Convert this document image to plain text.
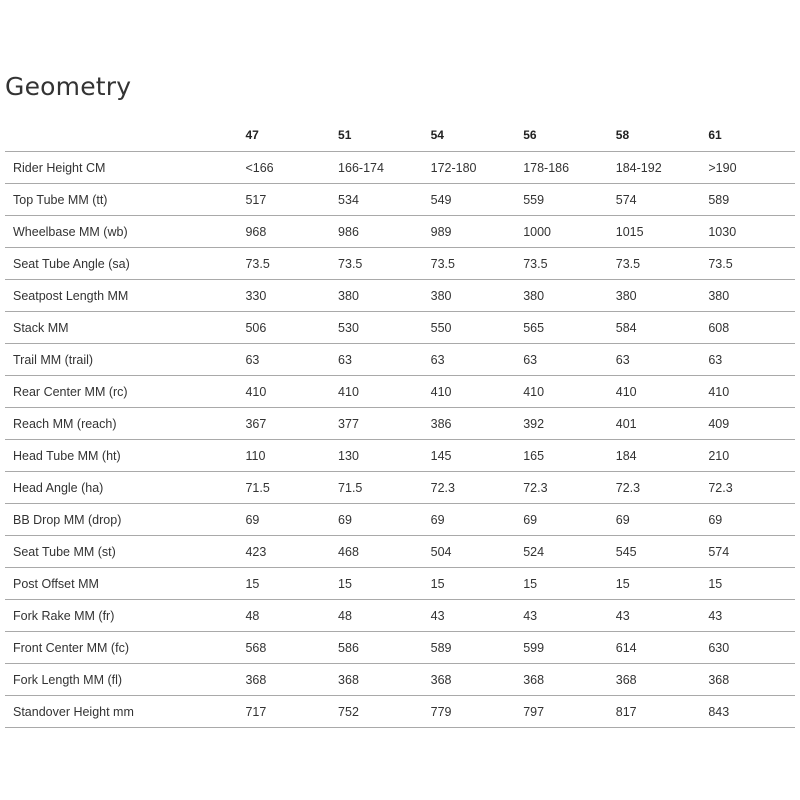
Geometry
	47	51	54	56	58	61
Rider Height CM	<166	166-174	172-180	178-186	184-192	>190
Top Tube MM (tt)	517	534	549	559	574	589
Wheelbase MM (wb)	968	986	989	1000	1015	1030
Seat Tube Angle (sa)	73.5	73.5	73.5	73.5	73.5	73.5
Seatpost Length MM	330	380	380	380	380	380
Stack MM	506	530	550	565	584	608
Trail MM (trail)	63	63	63	63	63	63
Rear Center MM (rc)	410	410	410	410	410	410
Reach MM (reach)	367	377	386	392	401	409
Head Tube MM (ht)	110	130	145	165	184	210
Head Angle (ha)	71.5	71.5	72.3	72.3	72.3	72.3
BB Drop MM (drop)	69	69	69	69	69	69
Seat Tube MM (st)	423	468	504	524	545	574
Post Offset MM	15	15	15	15	15	15
Fork Rake MM (fr)	48	48	43	43	43	43
Front Center MM (fc)	568	586	589	599	614	630
Fork Length MM (fl)	368	368	368	368	368	368
Standover Height mm	717	752	779	797	817	843
